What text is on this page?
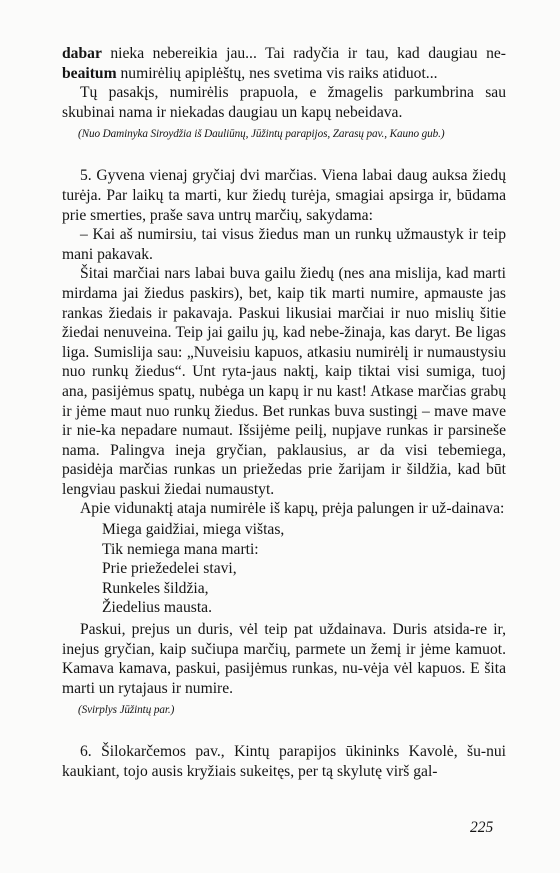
dabar nieka nebereikia jau... Tai radyčia ir tau, kad daugiau ne- beaitum numirėlių apiplėštų, nes svetima vis raiks atiduot...

Tų pasakįs, numirėlis prapuola, e žmagelis parkumbrina sau skubinai nama ir niekadas daugiau un kapų nebeidava.

(Nuo Daminyka Siroydžia iš Dauliūnų, Jūžintų parapijos, Zarasų pav., Kauno gub.)

5. Gyvena vienaj gryčiaj dvi marčias. Viena labai daug auksa žiedų turėja. Par laikų ta marti, kur žiedų turėja, smagiai apsirga ir, būdama prie smerties, praše sava untrų marčių, sakydama:

– Kai aš numirsiu, tai visus žiedus man un runkų užmaustyk ir teip mani pakavak.

Šitai marčiai nars labai buva gailu žiedų (nes ana mislija, kad marti mirdama jai žiedus paskirs), bet, kaip tik marti numire, apmauste jas rankas žiedais ir pakavaja. Paskui likusiai marčiai ir nuo mislių šitie žiedai nenuveina. Teip jai gailu jų, kad nebe-žinaja, kas daryt. Be ligas liga. Sumislija sau: „Nuveisiu kapuos, atkasiu numirėlį ir numaustysiu nuo runkų žiedus“. Unt ryta-jaus naktį, kaip tiktai visi sumiga, tuoj ana, pasijėmus spatų, nubėga un kapų ir nu kast! Atkase marčias grabų ir jėme maut nuo runkų žiedus. Bet runkas buva sustingį – mave mave ir nie-ka nepadare numaut. Išsijėme peilį, nupjave runkas ir parsineše nama. Palingva ineja gryčian, paklausius, ar da visi tebemiega, pasidėja marčias runkas un priežedas prie žarijam ir šildžia, kad būt lengviau paskui žiedai numaustyt.

Apie vidunaktį ataja numirėle iš kapų, prėja palungen ir už-dainava:

Miega gaidžiai, miega vištas,
Tik nemiega mana marti:
Prie priežedelei stavi,
Runkeles šildžia,
Žiedelius mausta.

Paskui, prejus un duris, vėl teip pat uždainava. Duris atsida-re ir, inejus gryčian, kaip sučiupa marčių, parmete un žemį ir jėme kamuot. Kamava kamava, paskui, pasijėmus runkas, nu-vėja vėl kapuos. E šita marti un rytajaus ir numire.

(Svirplys Jūžintų par.)

6. Šilokarčemos pav., Kintų parapijos ūkininks Kavolė, šu-nui kaukiant, tojo ausis kryžiais sukeitęs, per tą skylutę virš gal-

225
